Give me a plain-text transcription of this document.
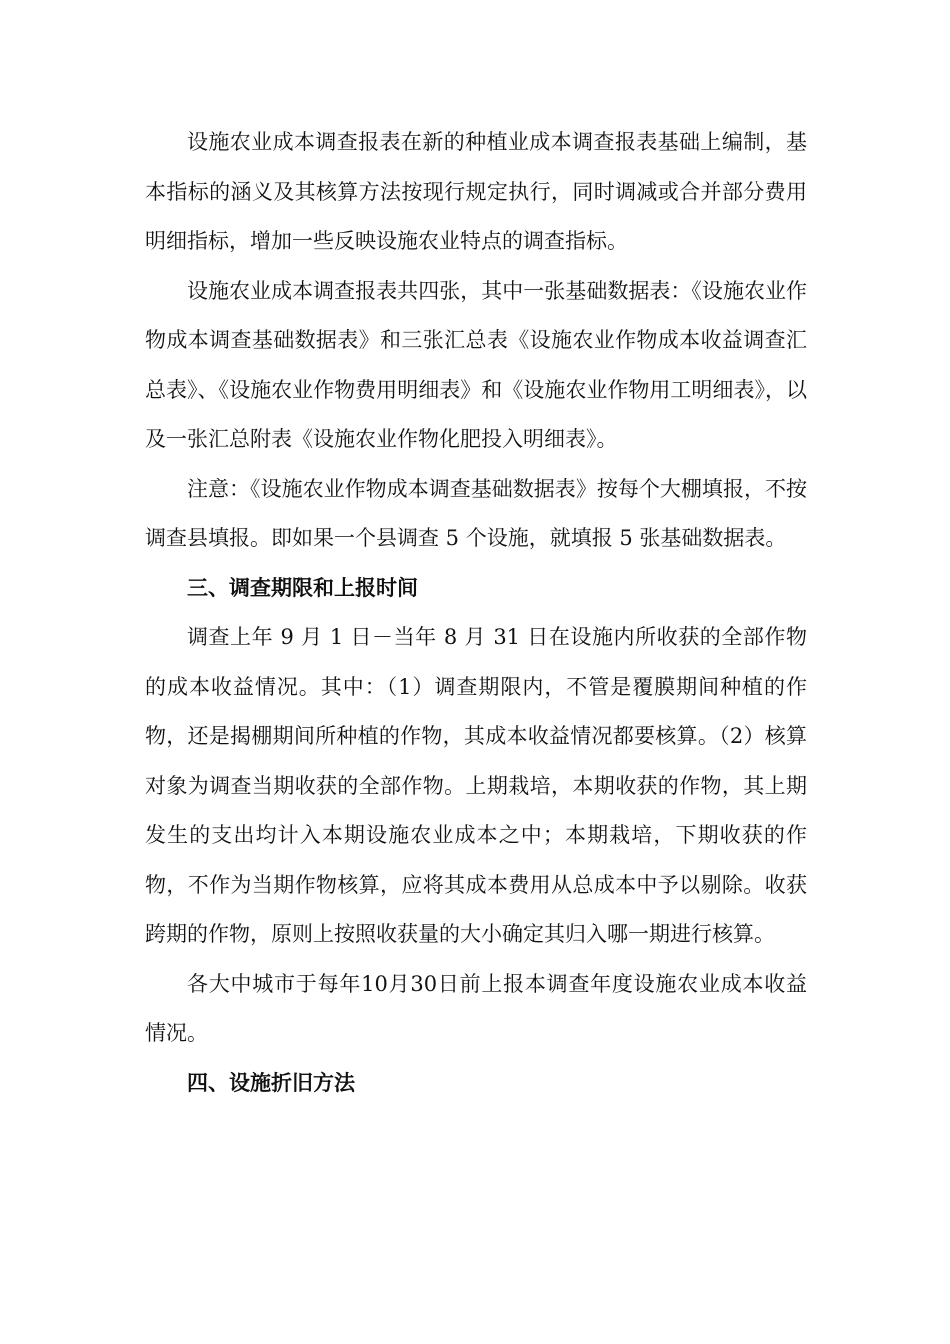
设施农业成本调查报表在新的种植业成本调查报表基础上编制，基本指标的涵义及其核算方法按现行规定执行，同时调减或合并部分费用明细指标，增加一些反映设施农业特点的调查指标。

设施农业成本调查报表共四张，其中一张基础数据表：《设施农业作物成本调查基础数据表》和三张汇总表《设施农业作物成本收益调查汇总表》、《设施农业作物费用明细表》和《设施农业作物用工明细表》，以及一张汇总附表《设施农业作物化肥投入明细表》。

注意：《设施农业作物成本调查基础数据表》按每个大棚填报，不按调查县填报。即如果一个县调查 5 个设施，就填报 5 张基础数据表。

三、调查期限和上报时间

调查上年 9 月 1 日－当年 8 月 31 日在设施内所收获的全部作物的成本收益情况。其中：（1）调查期限内，不管是覆膜期间种植的作物，还是揭棚期间所种植的作物，其成本收益情况都要核算。（2）核算对象为调查当期收获的全部作物。上期栽培，本期收获的作物，其上期发生的支出均计入本期设施农业成本之中；本期栽培，下期收获的作物，不作为当期作物核算，应将其成本费用从总成本中予以剔除。收获跨期的作物，原则上按照收获量的大小确定其归入哪一期进行核算。

各大中城市于每年10月30日前上报本调查年度设施农业成本收益情况。

四、设施折旧方法
